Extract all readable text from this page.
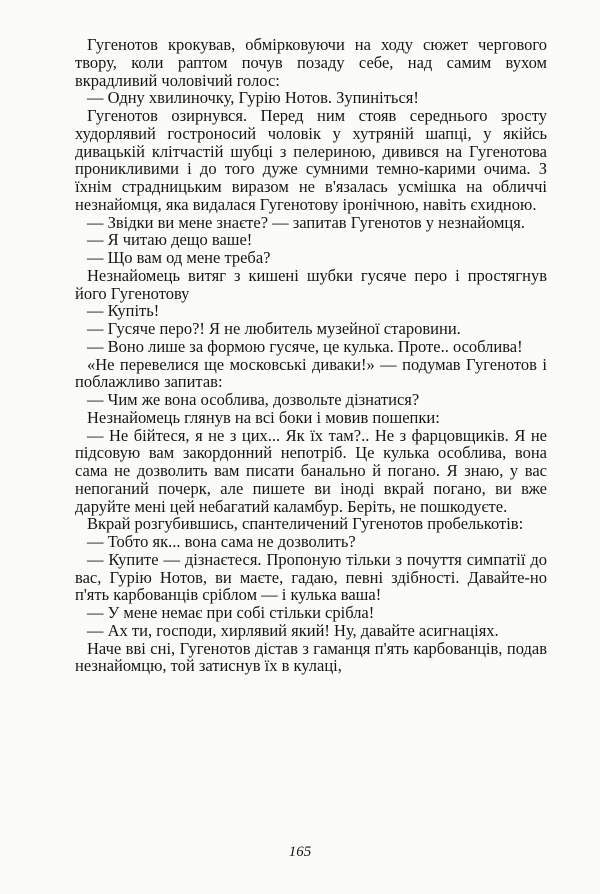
Гугенотов крокував, обмірковуючи на ходу сюжет чергового твору, коли раптом почув позаду себе, над самим вухом вкрадливий чоловічий голос:

— Одну хвилиночку, Гурію Нотов. Зупиніться!

Гугенотов озирнувся. Перед ним стояв середнього зросту худорлявий гостроносий чоловік у хутряній шапці, у якійсь дивацькій клітчастій шубці з пелериною, дивився на Гугенотова проникливими і до того дуже сумними темно-карими очима. З їхнім страдницьким виразом не в'язалась усмішка на обличчі незнайомця, яка видалася Гугенотову іронічною, навіть єхидною.

— Звідки ви мене знаєте? — запитав Гугенотов у незнайомця.

— Я читаю дещо ваше!

— Що вам од мене треба?

Незнайомець витяг з кишені шубки гусяче перо і простягнув його Гугенотову

— Купіть!

— Гусяче перо?! Я не любитель музейної старовини.

— Воно лише за формою гусяче, це кулька. Проте.. особлива!

«Не перевелися ще московські диваки!» — подумав Гугенотов і поблажливо запитав:

— Чим же вона особлива, дозвольте дізнатися?

Незнайомець глянув на всі боки і мовив пошепки:

— Не бійтеся, я не з цих... Як їх там?.. Не з фарцовщиків. Я не підсовую вам закордонний непотріб. Це кулька особлива, вона сама не дозволить вам писати банально й погано. Я знаю, у вас непоганий почерк, але пишете ви іноді вкрай погано, ви вже даруйте мені цей небагатий каламбур. Беріть, не пошкодуєте.

Вкрай розгубившись, спантеличений Гугенотов пробелькотів:

— Тобто як... вона сама не дозволить?

— Купите — дізнаєтеся. Пропоную тільки з почуття симпатії до вас, Гурію Нотов, ви маєте, гадаю, певні здібності. Давайте-но п'ять карбованців сріблом — і кулька ваша!

— У мене немає при собі стільки срібла!

— Ах ти, господи, хирлявий який! Ну, давайте асигнаціях.

Наче вві сні, Гугенотов дістав з гаманця п'ять карбованців, подав незнайомцю, той затиснув їх в кулаці,

165
